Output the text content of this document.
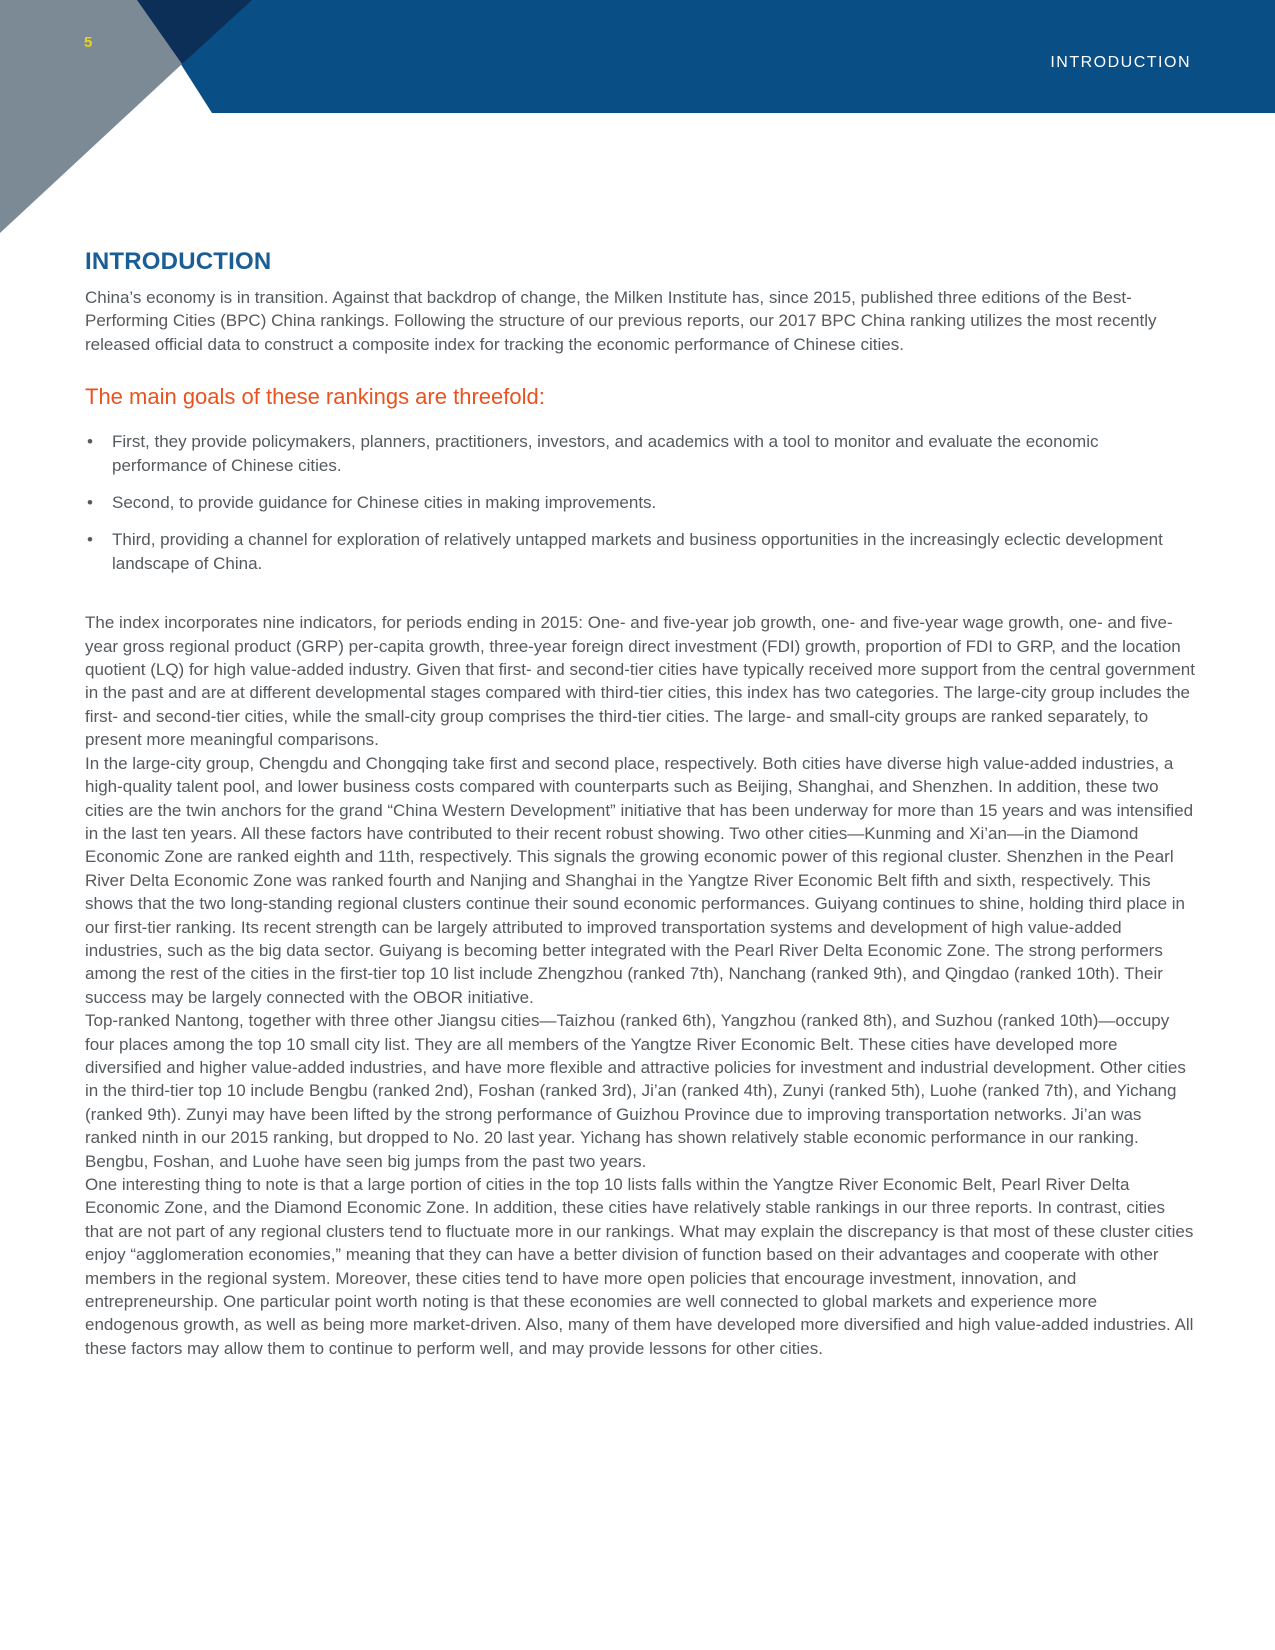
5
INTRODUCTION
INTRODUCTION

China’s economy is in transition. Against that backdrop of change, the Milken Institute has, since 2015, published three editions of the Best-Performing Cities (BPC) China rankings. Following the structure of our previous reports, our 2017 BPC China ranking utilizes the most recently released official data to construct a composite index for tracking the economic performance of Chinese cities.

The main goals of these rankings are threefold:
• First, they provide policymakers, planners, practitioners, investors, and academics with a tool to monitor and evaluate the economic performance of Chinese cities.
• Second, to provide guidance for Chinese cities in making improvements.
• Third, providing a channel for exploration of relatively untapped markets and business opportunities in the increasingly eclectic development landscape of China.

The index incorporates nine indicators, for periods ending in 2015: One- and five-year job growth, one- and five-year wage growth, one- and five-year gross regional product (GRP) per-capita growth, three-year foreign direct investment (FDI) growth, proportion of FDI to GRP, and the location quotient (LQ) for high value-added industry. Given that first- and second-tier cities have typically received more support from the central government in the past and are at different developmental stages compared with third-tier cities, this index has two categories. The large-city group includes the first- and second-tier cities, while the small-city group comprises the third-tier cities. The large- and small-city groups are ranked separately, to present more meaningful comparisons.

In the large-city group, Chengdu and Chongqing take first and second place, respectively. Both cities have diverse high value-added industries, a high-quality talent pool, and lower business costs compared with counterparts such as Beijing, Shanghai, and Shenzhen. In addition, these two cities are the twin anchors for the grand “China Western Development” initiative that has been underway for more than 15 years and was intensified in the last ten years. All these factors have contributed to their recent robust showing. Two other cities—Kunming and Xi’an—in the Diamond Economic Zone are ranked eighth and 11th, respectively. This signals the growing economic power of this regional cluster. Shenzhen in the Pearl River Delta Economic Zone was ranked fourth and Nanjing and Shanghai in the Yangtze River Economic Belt fifth and sixth, respectively. This shows that the two long-standing regional clusters continue their sound economic performances. Guiyang continues to shine, holding third place in our first-tier ranking. Its recent strength can be largely attributed to improved transportation systems and development of high value-added industries, such as the big data sector. Guiyang is becoming better integrated with the Pearl River Delta Economic Zone. The strong performers among the rest of the cities in the first-tier top 10 list include Zhengzhou (ranked 7th), Nanchang (ranked 9th), and Qingdao (ranked 10th). Their success may be largely connected with the OBOR initiative.

Top-ranked Nantong, together with three other Jiangsu cities—Taizhou (ranked 6th), Yangzhou (ranked 8th), and Suzhou (ranked 10th)—occupy four places among the top 10 small city list. They are all members of the Yangtze River Economic Belt. These cities have developed more diversified and higher value-added industries, and have more flexible and attractive policies for investment and industrial development. Other cities in the third-tier top 10 include Bengbu (ranked 2nd), Foshan (ranked 3rd), Ji’an (ranked 4th), Zunyi (ranked 5th), Luohe (ranked 7th), and Yichang (ranked 9th). Zunyi may have been lifted by the strong performance of Guizhou Province due to improving transportation networks. Ji’an was ranked ninth in our 2015 ranking, but dropped to No. 20 last year. Yichang has shown relatively stable economic performance in our ranking. Bengbu, Foshan, and Luohe have seen big jumps from the past two years.

One interesting thing to note is that a large portion of cities in the top 10 lists falls within the Yangtze River Economic Belt, Pearl River Delta Economic Zone, and the Diamond Economic Zone. In addition, these cities have relatively stable rankings in our three reports. In contrast, cities that are not part of any regional clusters tend to fluctuate more in our rankings. What may explain the discrepancy is that most of these cluster cities enjoy “agglomeration economies,” meaning that they can have a better division of function based on their advantages and cooperate with other members in the regional system. Moreover, these cities tend to have more open policies that encourage investment, innovation, and entrepreneurship. One particular point worth noting is that these economies are well connected to global markets and experience more endogenous growth, as well as being more market-driven. Also, many of them have developed more diversified and high value-added industries. All these factors may allow them to continue to perform well, and may provide lessons for other cities.
